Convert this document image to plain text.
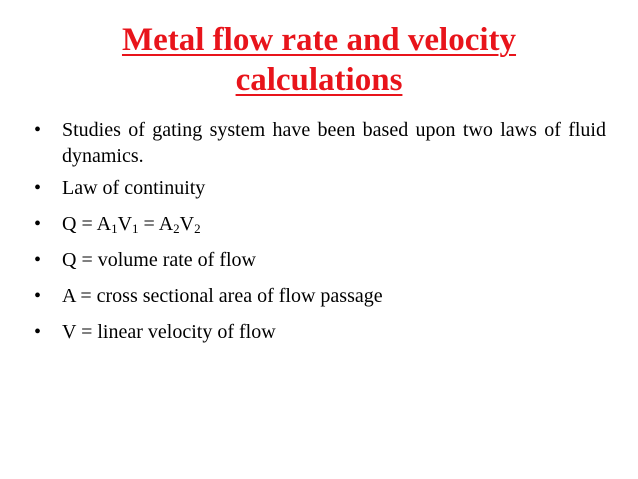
Metal flow rate and velocity
calculations
• Studies of gating system have been based upon two laws of fluid dynamics.
• Law of continuity
• $Q = A_1V_1 = A_2V_2$
• Q = volume rate of flow
• A = cross sectional area of flow passage
• V = linear velocity of flow
